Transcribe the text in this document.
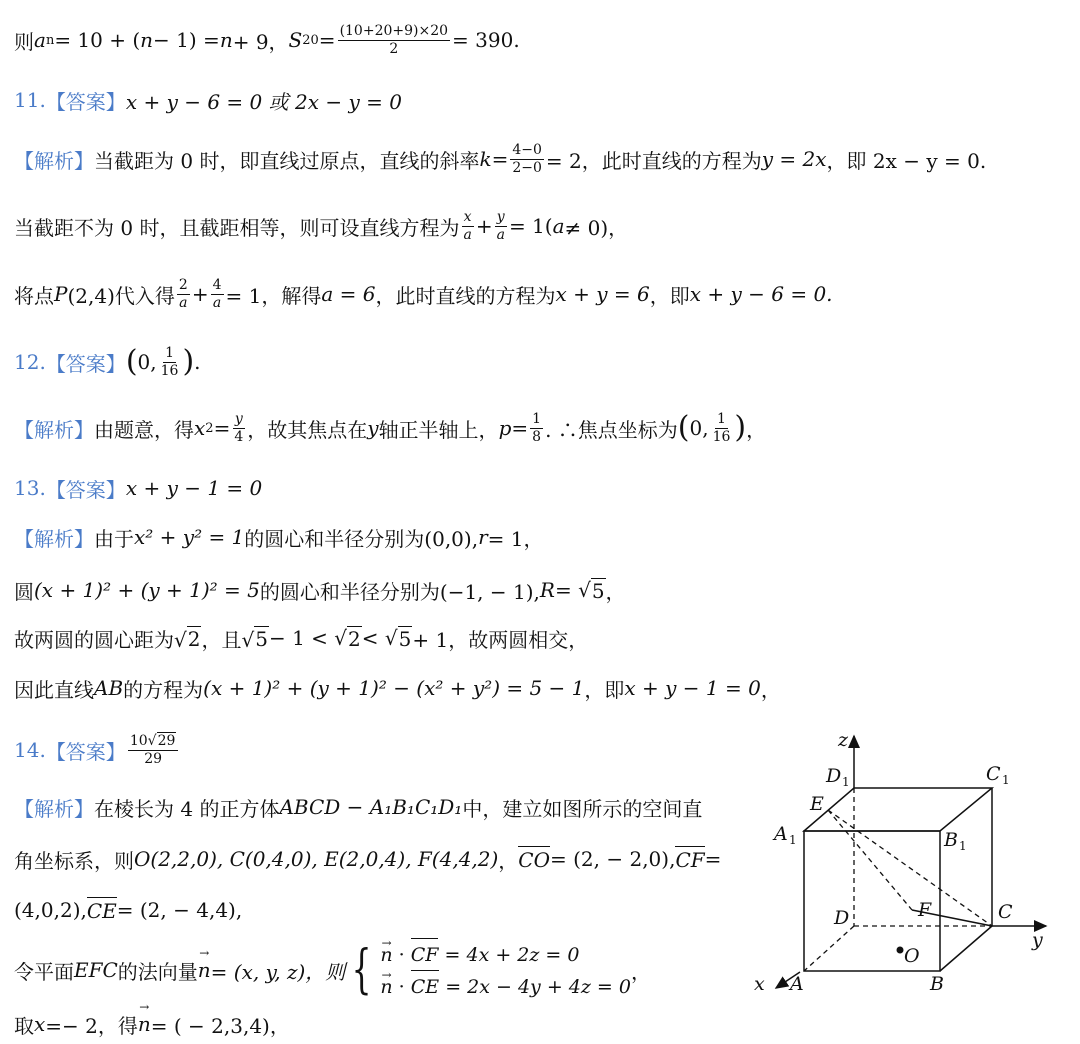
则 a n = 10 + ( n − 1) = n + 9， S $20 = \frac{(10+20+9)\times 20}{2} = 390$.
11. 【答案】 x + y − 6 = 0 或 2x − y = 0
【解析】 当截距为 0 时，即直线过原点，直线的斜率 $k = \frac{4-0}{2-0} = 2$，此时直线的方程为 y = 2x ，即 2x − y = 0.
当截距不为 0 时，且截距相等，则可设直线方程为 $\frac{x}{a} + \frac{y}{a} = 1$( a ≠ 0)，
将点 P (2,4)代入得 $\frac{2}{a} + \frac{4}{a} = 1$，解得 a = 6 ，此时直线的方程为 x + y = 6 ，即 x + y − 6 = 0.
12. 【答案】 ( 0, $\frac{1}{16}$ ) .
【解析】 由题意，得 x $2 = \frac{y}{4}$ ，故其焦点在 y 轴正半轴上， $p = \frac{1}{8}$ . ∴焦点坐标为 ( 0, $\frac{1}{16}$ ) ，
13. 【答案】 x + y − 1 = 0
【解析】 由于 x² + y² = 1 的圆心和半径分别为(0,0), r = 1，
圆 (x + 1)² + (y + 1)² = 5 的圆心和半径分别为(−1, − 1), R = √ 5 ，
故两圆的圆心距为√ 2 ，且√ 5 − 1 < √ 2 < √ 5 + 1，故两圆相交，
因此直线 AB 的方程为 (x + 1)² + (y + 1)² − (x² + y²) = 5 − 1 ，即 x + y − 1 = 0 ，
14. 【答案】 $\frac{10√29}{29}$
【解析】 在棱长为 4 的正方体 ABCD − A₁B₁C₁D₁ 中，建立如图所示的空间直
角坐标系，则 O(2,2,0), C(0,4,0), E(2,0,4), F(4,4,2) ， CO = (2, − 2,0), CF =
(4,0,2), CE = (2, − 4,4),
令平面 EFC 的法向量 → n = (x, y, z)，则 { → n · CF = 4x + 2z = 0
→ n · CE = 2x − 4y + 4z = 0
，
取 x =− 2，得 → n = ( − 2,3,4)，
z
y
x
D 1	C 1
A 1	B 1
E
F	C
D
A	B
O
